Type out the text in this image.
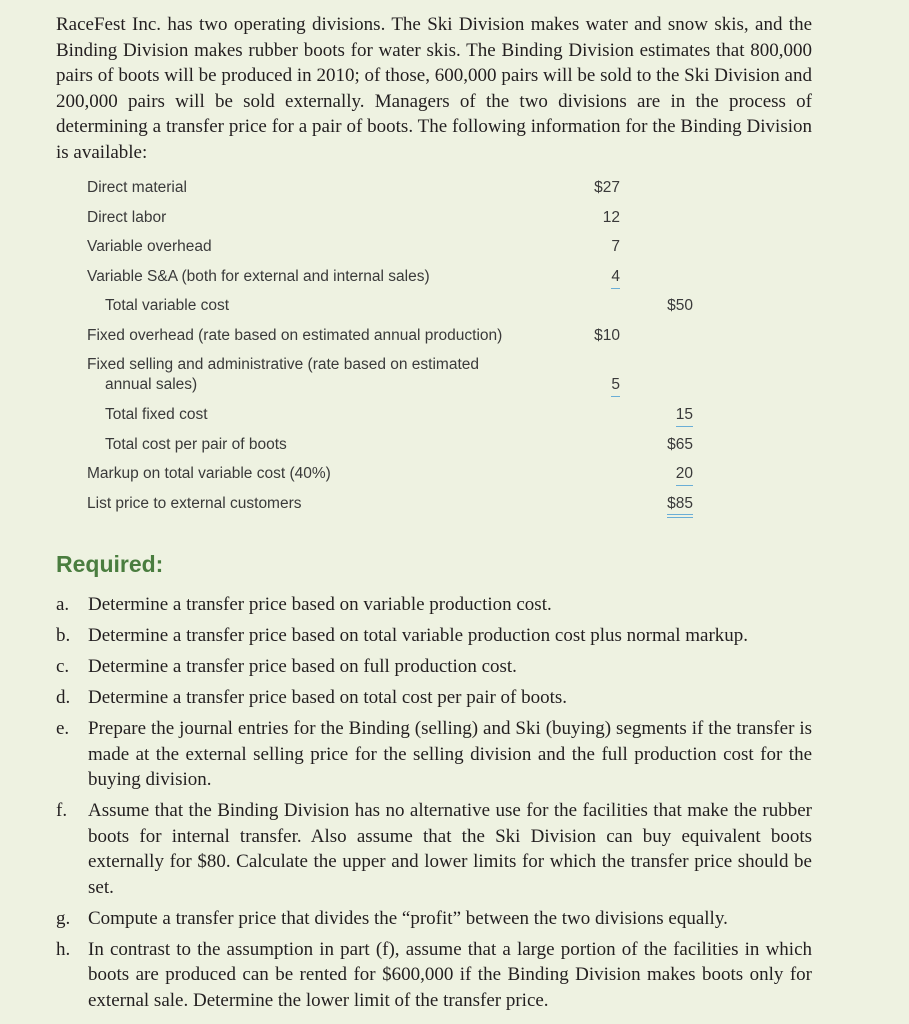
RaceFest Inc. has two operating divisions. The Ski Division makes water and snow skis, and the Binding Division makes rubber boots for water skis. The Binding Division estimates that 800,000 pairs of boots will be produced in 2010; of those, 600,000 pairs will be sold to the Ski Division and 200,000 pairs will be sold externally. Managers of the two divisions are in the process of determining a transfer price for a pair of boots. The following information for the Binding Division is available:

Direct material	$27
Direct labor	12
Variable overhead	7
Variable S&A (both for external and internal sales)	4
Total variable cost	$50
Fixed overhead (rate based on estimated annual production)	$10
Fixed selling and administrative (rate based on estimated
annual sales)	5
Total fixed cost	15
Total cost per pair of boots	$65
Markup on total variable cost (40%)	20
List price to external customers	$85
Required:
a. Determine a transfer price based on variable production cost.
b. Determine a transfer price based on total variable production cost plus normal markup.
c. Determine a transfer price based on full production cost.
d. Determine a transfer price based on total cost per pair of boots.
e. Prepare the journal entries for the Binding (selling) and Ski (buying) segments if the transfer is made at the external selling price for the selling division and the full production cost for the buying division.
f. Assume that the Binding Division has no alternative use for the facilities that make the rubber boots for internal transfer. Also assume that the Ski Division can buy equivalent boots externally for $80. Calculate the upper and lower limits for which the transfer price should be set.
g. Compute a transfer price that divides the “profit” between the two divisions equally.
h. In contrast to the assumption in part (f), assume that a large portion of the facilities in which boots are produced can be rented for $600,000 if the Binding Division makes boots only for external sale. Determine the lower limit of the transfer price.
